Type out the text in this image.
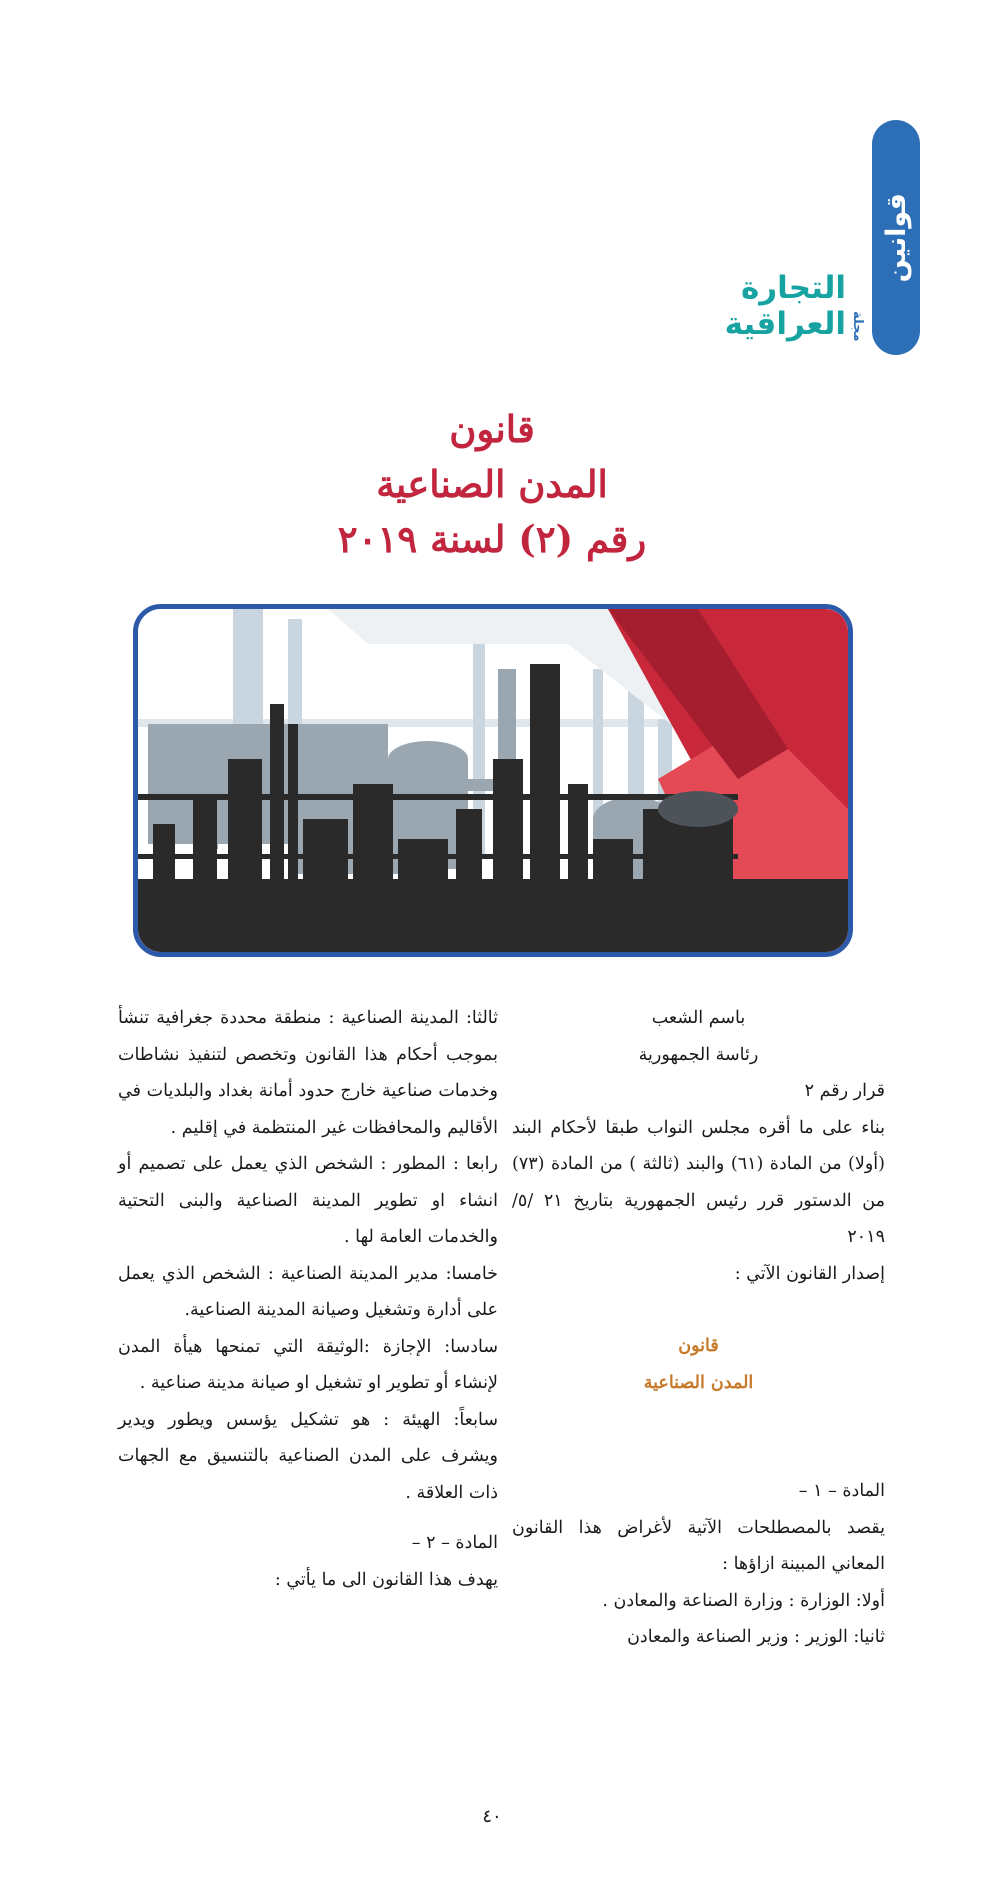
قوانين
مجلة
التجارة العراقية
قانون
المدن الصناعية
رقم (٢) لسنة ٢٠١٩

باسم الشعب

رئاسة الجمهورية

قرار رقم ٢

بناء على ما أقره مجلس النواب طبقا لأحكام البند (أولا) من المادة (٦١) والبند (ثالثة ) من المادة (٧٣) من الدستور قرر رئيس الجمهورية بتاريخ ٢١ /٥/ ٢٠١٩

إصدار القانون الآتي :

قانون

المدن الصناعية

المادة – ١ –

يقصد بالمصطلحات الآتية لأغراض هذا القانون المعاني المبينة ازاؤها :

أولا: الوزارة : وزارة الصناعة والمعادن .

ثانيا: الوزير : وزير الصناعة والمعادن

ثالثا: المدينة الصناعية : منطقة محددة جغرافية تنشأ بموجب أحكام هذا القانون وتخصص لتنفيذ نشاطات وخدمات صناعية خارج حدود أمانة بغداد والبلديات في الأقاليم والمحافظات غير المنتظمة في إقليم .

رابعا : المطور : الشخص الذي يعمل على تصميم أو انشاء او تطوير المدينة الصناعية والبنى التحتية والخدمات العامة لها .

خامسا: مدير المدينة الصناعية : الشخص الذي يعمل على أدارة وتشغيل وصيانة المدينة الصناعية.

سادسا: الإجازة :الوثيقة التي تمنحها هيأة المدن لإنشاء أو تطوير او تشغيل او صيانة مدينة صناعية .

سابعاً: الهيئة : هو تشكيل يؤسس ويطور ويدير ويشرف على المدن الصناعية بالتنسيق مع الجهات ذات العلاقة .

المادة – ٢ –

يهدف هذا القانون الى ما يأتي :

٤٠
